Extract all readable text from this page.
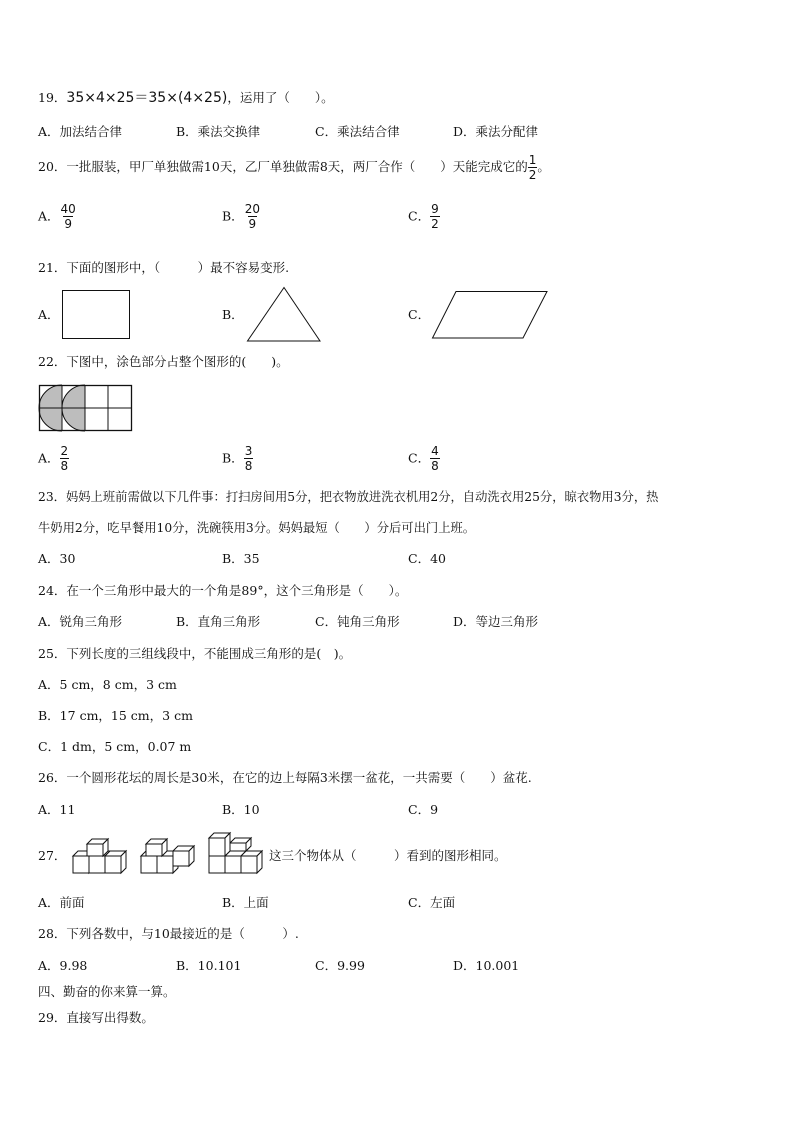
19．35×4×25＝35×(4×25)，运用了（　　）。
A．加法结合律	B．乘法交换律	C．乘法结合律	D．乘法分配律
20．一批服装，甲厂单独做需10天，乙厂单独做需8天，两厂合作（　　）天能完成它的 $\frac{1}{2}$ 。
A． $\frac{40}{9}$	B． $\frac{20}{9}$	C． $\frac{9}{2}$
21．下面的图形中，（　　　）最不容易变形.
A．	B．	C．
22．下图中，涂色部分占整个图形的(　　)。
A． $\frac{2}{8}$	B． $\frac{3}{8}$	C． $\frac{4}{8}$
23．妈妈上班前需做以下几件事：打扫房间用5分，把衣物放进洗衣机用2分，自动洗衣用25分，晾衣物用3分，热
牛奶用2分，吃早餐用10分，洗碗筷用3分。妈妈最短（　　）分后可出门上班。
A．30	B．35	C．40
24．在一个三角形中最大的一个角是89°，这个三角形是（　　）。
A．锐角三角形	B．直角三角形	C．钝角三角形	D．等边三角形
25．下列长度的三组线段中，不能围成三角形的是(　)。
A．5 cm，8 cm，3 cm
B．17 cm，15 cm，3 cm
C．1 dm，5 cm，0.07 m
26．一个圆形花坛的周长是30米，在它的边上每隔3米摆一盆花，一共需要（　　）盆花.
A．11	B．10	C．9
27．	这三个物体从（　　　）看到的图形相同。
A．前面	B．上面	C．左面
28．下列各数中，与10最接近的是（　　　）.
A．9.98	B．10.101	C．9.99	D．10.001
四、勤奋的你来算一算。
29．直接写出得数。
